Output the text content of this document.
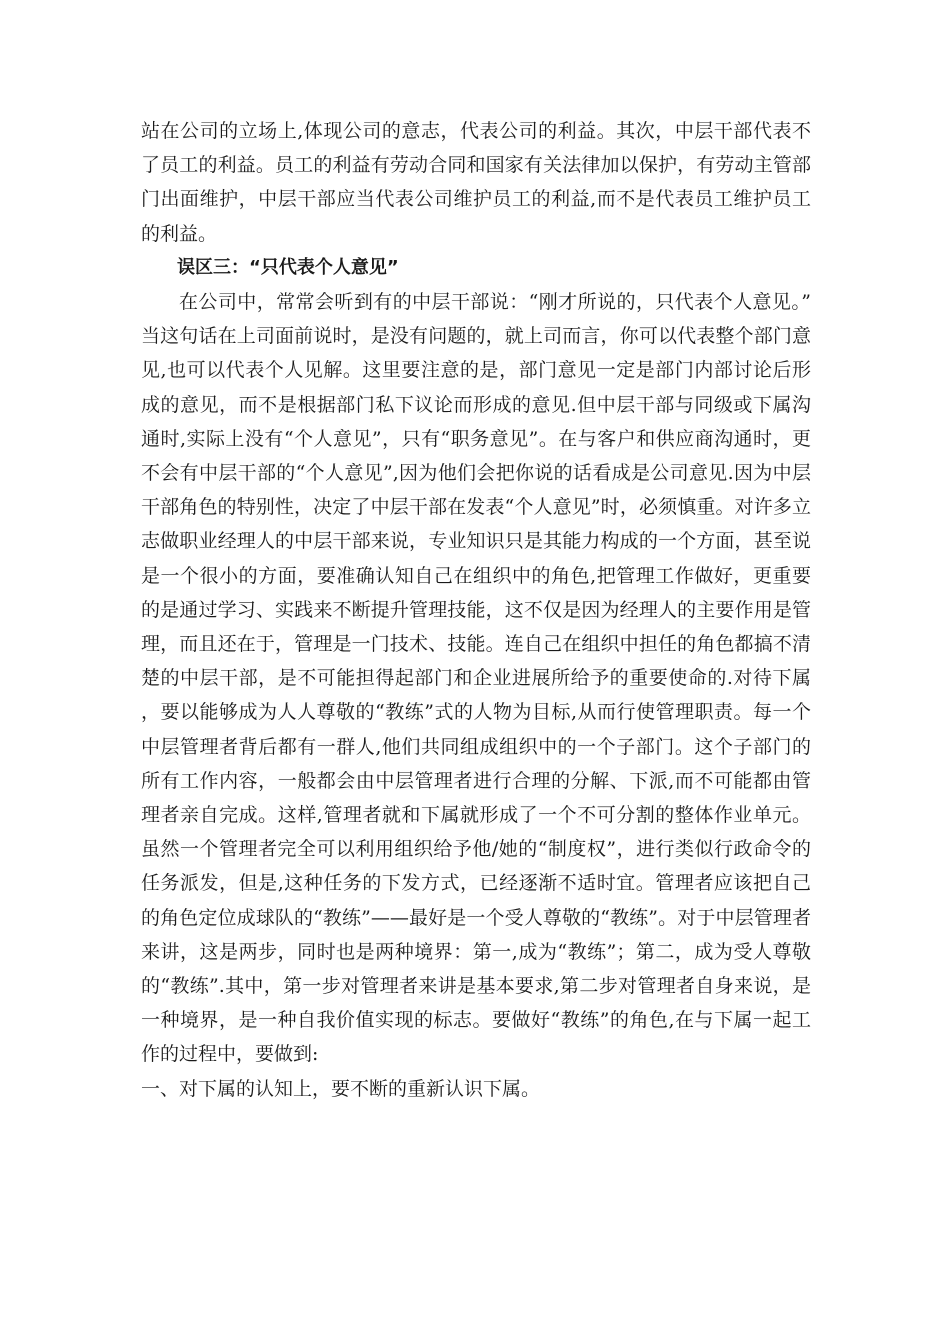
站在公司的立场上,体现公司的意志，代表公司的利益。其次，中层干部代表不了员工的利益。员工的利益有劳动合同和国家有关法律加以保护，有劳动主管部门出面维护，中层干部应当代表公司维护员工的利益,而不是代表员工维护员工的利益。

误区三：“只代表个人意见”

在公司中，常常会听到有的中层干部说：“刚才所说的，只代表个人意见。”当这句话在上司面前说时，是没有问题的，就上司而言，你可以代表整个部门意见,也可以代表个人见解。这里要注意的是，部门意见一定是部门内部讨论后形成的意见，而不是根据部门私下议论而形成的意见.但中层干部与同级或下属沟通时,实际上没有“个人意见”，只有“职务意见”。在与客户和供应商沟通时，更不会有中层干部的“个人意见”,因为他们会把你说的话看成是公司意见.因为中层干部角色的特别性，决定了中层干部在发表“个人意见”时，必须慎重。对许多立志做职业经理人的中层干部来说，专业知识只是其能力构成的一个方面，甚至说是一个很小的方面，要准确认知自己在组织中的角色,把管理工作做好，更重要的是通过学习、实践来不断提升管理技能，这不仅是因为经理人的主要作用是管理，而且还在于，管理是一门技术、技能。连自己在组织中担任的角色都搞不清楚的中层干部，是不可能担得起部门和企业进展所给予的重要使命的.对待下属，要以能够成为人人尊敬的“教练”式的人物为目标,从而行使管理职责。每一个中层管理者背后都有一群人,他们共同组成组织中的一个子部门。这个子部门的所有工作内容，一般都会由中层管理者进行合理的分解、下派,而不可能都由管理者亲自完成。这样,管理者就和下属就形成了一个不可分割的整体作业单元。虽然一个管理者完全可以利用组织给予他/她的“制度权”，进行类似行政命令的任务派发，但是,这种任务的下发方式，已经逐渐不适时宜。管理者应该把自己的角色定位成球队的“教练”——最好是一个受人尊敬的“教练”。对于中层管理者来讲，这是两步，同时也是两种境界：第一,成为“教练”；第二，成为受人尊敬的“教练”.其中，第一步对管理者来讲是基本要求,第二步对管理者自身来说，是一种境界，是一种自我价值实现的标志。要做好“教练”的角色,在与下属一起工作的过程中，要做到:

一、对下属的认知上，要不断的重新认识下属。
